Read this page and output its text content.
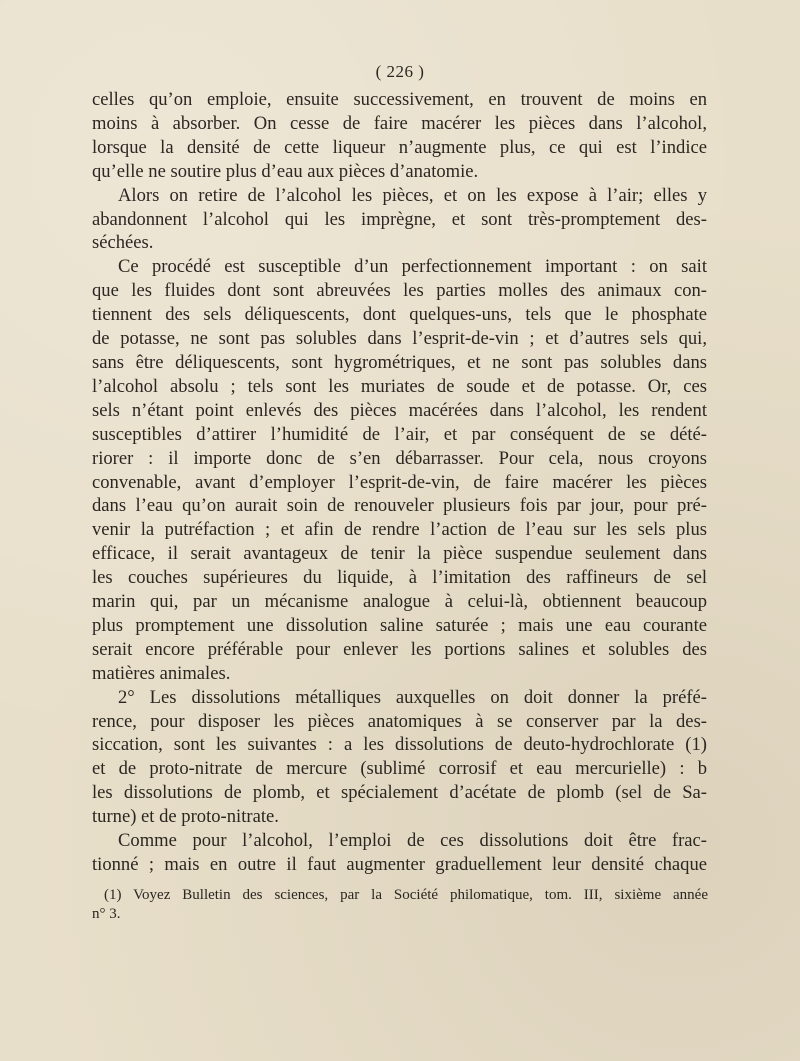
( 226 )
celles qu’on emploie, ensuite successivement, en trouvent de moins en
moins à absorber. On cesse de faire macérer les pièces dans l’alcohol,
lorsque la densité de cette liqueur n’augmente plus, ce qui est l’indice
qu’elle ne soutire plus d’eau aux pièces d’anatomie.
Alors on retire de l’alcohol les pièces, et on les expose à l’air; elles y
abandonnent l’alcohol qui les imprègne, et sont très-promptement des-
séchées.
Ce procédé est susceptible d’un perfectionnement important : on sait
que les fluides dont sont abreuvées les parties molles des animaux con-
tiennent des sels déliquescents, dont quelques-uns, tels que le phosphate
de potasse, ne sont pas solubles dans l’esprit-de-vin ; et d’autres sels qui,
sans être déliquescents, sont hygrométriques, et ne sont pas solubles dans
l’alcohol absolu ; tels sont les muriates de soude et de potasse. Or, ces
sels n’étant point enlevés des pièces macérées dans l’alcohol, les rendent
susceptibles d’attirer l’humidité de l’air, et par conséquent de se dété-
riorer : il importe donc de s’en débarrasser. Pour cela, nous croyons
convenable, avant d’employer l’esprit-de-vin, de faire macérer les pièces
dans l’eau qu’on aurait soin de renouveler plusieurs fois par jour, pour pré-
venir la putréfaction ; et afin de rendre l’action de l’eau sur les sels plus
efficace, il serait avantageux de tenir la pièce suspendue seulement dans
les couches supérieures du liquide, à l’imitation des raffineurs de sel
marin qui, par un mécanisme analogue à celui-là, obtiennent beaucoup
plus promptement une dissolution saline saturée ; mais une eau courante
serait encore préférable pour enlever les portions salines et solubles des
matières animales.
2° Les dissolutions métalliques auxquelles on doit donner la préfé-
rence, pour disposer les pièces anatomiques à se conserver par la des-
siccation, sont les suivantes : a les dissolutions de deuto-hydrochlorate (1)
et de proto-nitrate de mercure (sublimé corrosif et eau mercurielle) : b
les dissolutions de plomb, et spécialement d’acétate de plomb (sel de Sa-
turne) et de proto-nitrate.
Comme pour l’alcohol, l’emploi de ces dissolutions doit être frac-
tionné ; mais en outre il faut augmenter graduellement leur densité chaque
(1) Voyez Bulletin des sciences, par la Société philomatique, tom. III, sixième année
n° 3.
